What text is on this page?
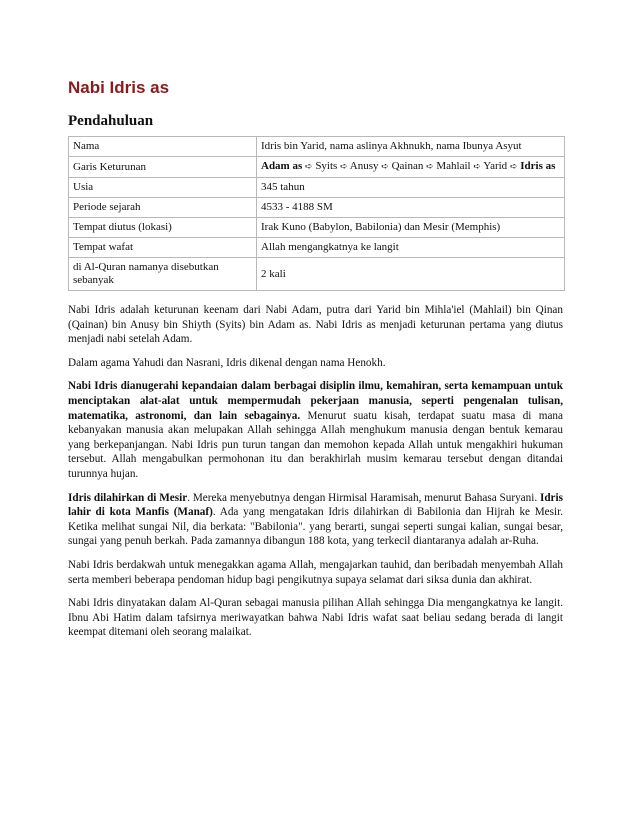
Nabi Idris as
Pendahuluan
Nama	Idris bin Yarid, nama aslinya Akhnukh, nama Ibunya Asyut
Garis Keturunan	Adam as ➪ Syits ➪ Anusy ➪ Qainan ➪ Mahlail ➪ Yarid ➪ Idris as
Usia	345 tahun
Periode sejarah	4533 - 4188 SM
Tempat diutus (lokasi)	Irak Kuno (Babylon, Babilonia) dan Mesir (Memphis)
Tempat wafat	Allah mengangkatnya ke langit
di Al-Quran namanya disebutkan sebanyak	2 kali

Nabi Idris adalah keturunan keenam dari Nabi Adam, putra dari Yarid bin Mihla'iel (Mahlail) bin Qinan (Qainan) bin Anusy bin Shiyth (Syits) bin Adam as. Nabi Idris as menjadi keturunan pertama yang diutus menjadi nabi setelah Adam.

Dalam agama Yahudi dan Nasrani, Idris dikenal dengan nama Henokh.

Nabi Idris dianugerahi kepandaian dalam berbagai disiplin ilmu, kemahiran, serta kemampuan untuk menciptakan alat-alat untuk mempermudah pekerjaan manusia, seperti pengenalan tulisan, matematika, astronomi, dan lain sebagainya. Menurut suatu kisah, terdapat suatu masa di mana kebanyakan manusia akan melupakan Allah sehingga Allah menghukum manusia dengan bentuk kemarau yang berkepanjangan. Nabi Idris pun turun tangan dan memohon kepada Allah untuk mengakhiri hukuman tersebut. Allah mengabulkan permohonan itu dan berakhirlah musim kemarau tersebut dengan ditandai turunnya hujan.

Idris dilahirkan di Mesir. Mereka menyebutnya dengan Hirmisal Haramisah, menurut Bahasa Suryani. Idris lahir di kota Manfis (Manaf). Ada yang mengatakan Idris dilahirkan di Babilonia dan Hijrah ke Mesir. Ketika melihat sungai Nil, dia berkata: "Babilonia". yang berarti, sungai seperti sungai kalian, sungai besar, sungai yang penuh berkah. Pada zamannya dibangun 188 kota, yang terkecil diantaranya adalah ar-Ruha.

Nabi Idris berdakwah untuk menegakkan agama Allah, mengajarkan tauhid, dan beribadah menyembah Allah serta memberi beberapa pendoman hidup bagi pengikutnya supaya selamat dari siksa dunia dan akhirat.

Nabi Idris dinyatakan dalam Al-Quran sebagai manusia pilihan Allah sehingga Dia mengangkatnya ke langit. Ibnu Abi Hatim dalam tafsirnya meriwayatkan bahwa Nabi Idris wafat saat beliau sedang berada di langit keempat ditemani oleh seorang malaikat.
